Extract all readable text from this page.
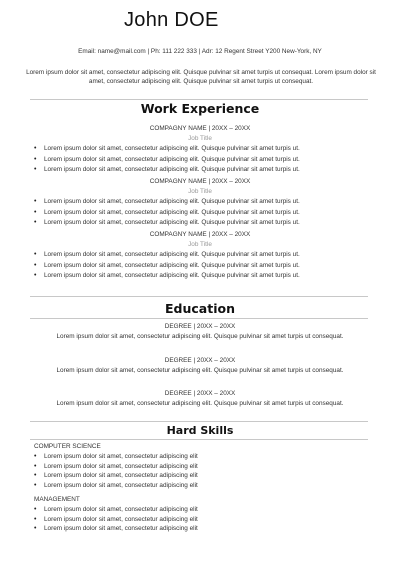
John DOE
Email: name@mail.com | Ph: 111 222 333 | Adr: 12 Regent Street Y200 New-York, NY
Lorem ipsum dolor sit amet, consectetur adipiscing elit. Quisque pulvinar sit amet turpis ut consequat. Lorem ipsum dolor sit amet, consectetur adipiscing elit. Quisque pulvinar sit amet turpis ut consequat.
Work Experience
COMPAGNY NAME | 20XX – 20XX
Job Title
• Lorem ipsum dolor sit amet, consectetur adipiscing elit. Quisque pulvinar sit amet turpis ut.
• Lorem ipsum dolor sit amet, consectetur adipiscing elit. Quisque pulvinar sit amet turpis ut.
• Lorem ipsum dolor sit amet, consectetur adipiscing elit. Quisque pulvinar sit amet turpis ut.
COMPAGNY NAME | 20XX – 20XX
Job Title
• Lorem ipsum dolor sit amet, consectetur adipiscing elit. Quisque pulvinar sit amet turpis ut.
• Lorem ipsum dolor sit amet, consectetur adipiscing elit. Quisque pulvinar sit amet turpis ut.
• Lorem ipsum dolor sit amet, consectetur adipiscing elit. Quisque pulvinar sit amet turpis ut.
COMPAGNY NAME | 20XX – 20XX
Job Title
• Lorem ipsum dolor sit amet, consectetur adipiscing elit. Quisque pulvinar sit amet turpis ut.
• Lorem ipsum dolor sit amet, consectetur adipiscing elit. Quisque pulvinar sit amet turpis ut.
• Lorem ipsum dolor sit amet, consectetur adipiscing elit. Quisque pulvinar sit amet turpis ut.
Education
DEGREE | 20XX – 20XX
Lorem ipsum dolor sit amet, consectetur adipiscing elit. Quisque pulvinar sit amet turpis ut consequat.
DEGREE | 20XX – 20XX
Lorem ipsum dolor sit amet, consectetur adipiscing elit. Quisque pulvinar sit amet turpis ut consequat.
DEGREE | 20XX – 20XX
Lorem ipsum dolor sit amet, consectetur adipiscing elit. Quisque pulvinar sit amet turpis ut consequat.
Hard Skills
COMPUTER SCIENCE
• Lorem ipsum dolor sit amet, consectetur adipiscing elit
• Lorem ipsum dolor sit amet, consectetur adipiscing elit
• Lorem ipsum dolor sit amet, consectetur adipiscing elit
• Lorem ipsum dolor sit amet, consectetur adipiscing elit
MANAGEMENT
• Lorem ipsum dolor sit amet, consectetur adipiscing elit
• Lorem ipsum dolor sit amet, consectetur adipiscing elit
• Lorem ipsum dolor sit amet, consectetur adipiscing elit
